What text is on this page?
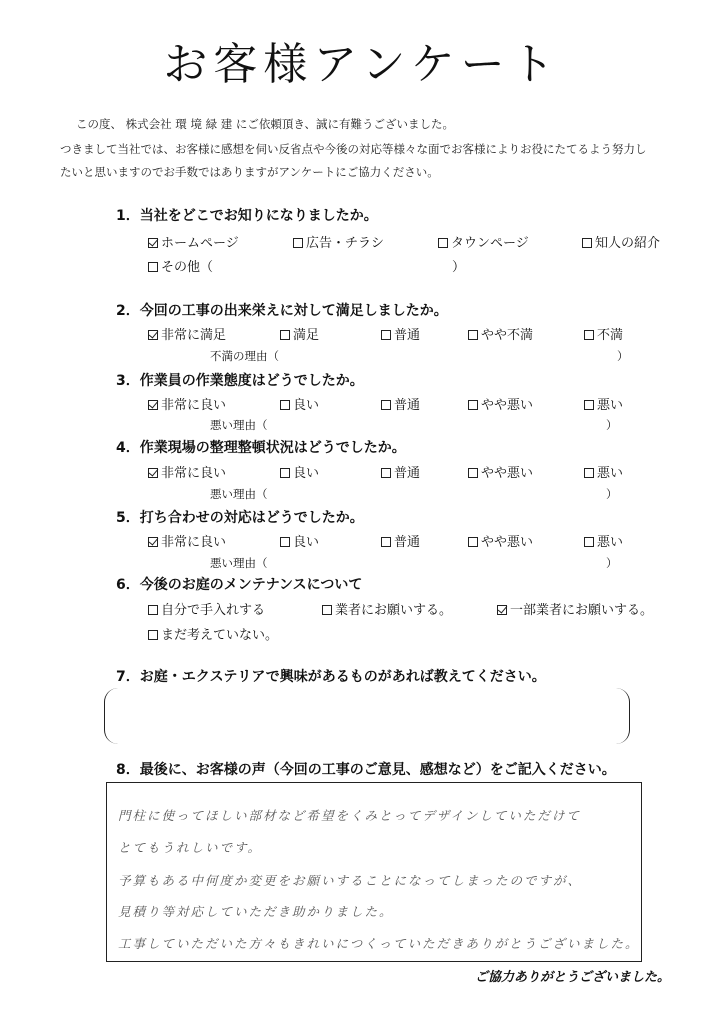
お客様アンケート
この度、 株式会社 環 境 緑 建 にご依頼頂き、誠に有難うございました。
つきまして当社では、お客様に感想を伺い反省点や今後の対応等様々な面でお客様によりお役にたてるよう努力し
たいと思いますのでお手数ではありますがアンケートにご協力ください。
1．当社をどこでお知りになりましたか。
ホームページ	広告・チラシ	タウンページ	知人の紹介
その他（	）
2．今回の工事の出来栄えに対して満足しましたか。
非常に満足	満足	普通	やや不満	不満
不満の理由（	）
3．作業員の作業態度はどうでしたか。
非常に良い	良い	普通	やや悪い	悪い
悪い理由（	）
4．作業現場の整理整頓状況はどうでしたか。
非常に良い	良い	普通	やや悪い	悪い
悪い理由（	）
5．打ち合わせの対応はどうでしたか。
非常に良い	良い	普通	やや悪い	悪い
悪い理由（	）
6．今後のお庭のメンテナンスについて
自分で手入れする	業者にお願いする。	一部業者にお願いする。
まだ考えていない。
7．お庭・エクステリアで興味があるものがあれば教えてください。
8．最後に、お客様の声（今回の工事のご意見、感想など）をご記入ください。
門柱に使ってほしい部材など希望をくみとってデザインしていただけて
とてもうれしいです。
予算もある中何度か変更をお願いすることになってしまったのですが、
見積り等対応していただき助かりました。
工事していただいた方々もきれいにつくっていただきありがとうございました。
ご協力ありがとうございました。
